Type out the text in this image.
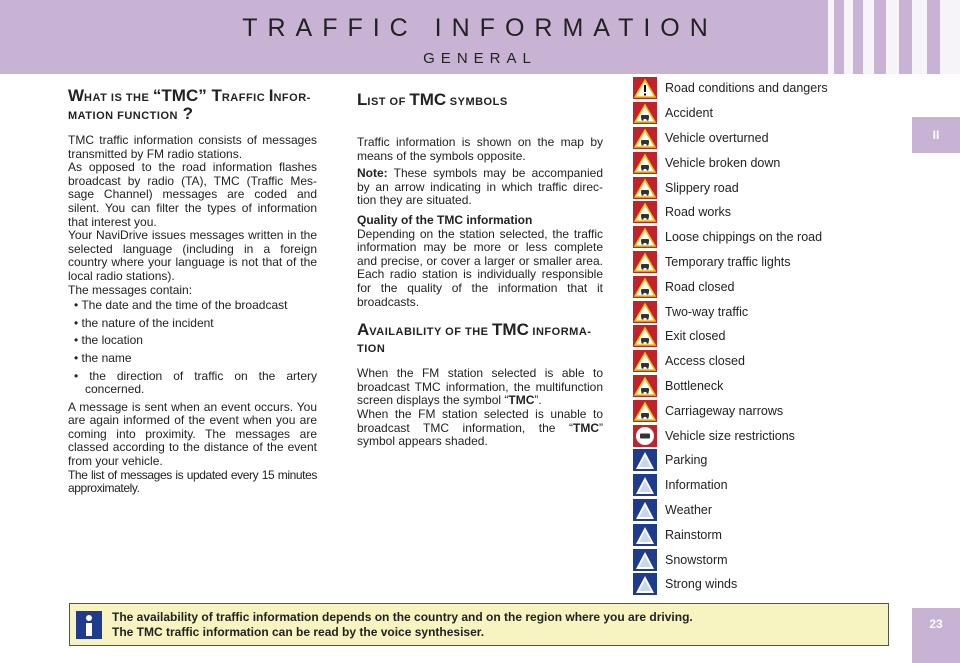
TRAFFIC INFORMATION
GENERAL
II
23

WHAT IS THE “TMC” TRAFFIC INFOR-
MATION FUNCTION ?

TMC traffic information consists of messages transmitted by FM radio stations.

As opposed to the road information flashes broadcast by radio (TA), TMC (Traffic Mes-sage Channel) messages are coded and silent. You can filter the types of information that interest you.

Your NaviDrive issues messages written in the selected language (including in a foreign country where your language is not that of the local radio stations).

The messages contain:

• The date and the time of the broadcast
• the nature of the incident
• the location
• the name
• the direction of traffic on the artery concerned.

A message is sent when an event occurs. You are again informed of the event when you are coming into proximity. The messages are classed according to the distance of the event from your vehicle.

The list of messages is updated every 15 minutes approximately.

LIST OF TMC SYMBOLS

Traffic information is shown on the map by means of the symbols opposite.

Note: These symbols may be accompanied by an arrow indicating in which traffic direc-tion they are situated.

Quality of the TMC information

Depending on the station selected, the traffic information may be more or less complete and precise, or cover a larger or smaller area. Each radio station is individually responsible for the quality of the information that it broadcasts.

AVAILABILITY OF THE TMC INFORMA-
TION

When the FM station selected is able to broadcast TMC information, the multifunction screen displays the symbol “TMC”.

When the FM station selected is unable to broadcast TMC information, the “TMC” symbol appears shaded.

Road conditions and dangers
Accident
Vehicle overturned
Vehicle broken down
Slippery road
Road works
Loose chippings on the road
Temporary traffic lights
Road closed
Two-way traffic
Exit closed
Access closed
Bottleneck
Carriageway narrows
Vehicle size restrictions
Parking
Information
Weather
Rainstorm
Snowstorm
Strong winds
The availability of traffic information depends on the country and on the region where you are driving.
The TMC traffic information can be read by the voice synthesiser.
